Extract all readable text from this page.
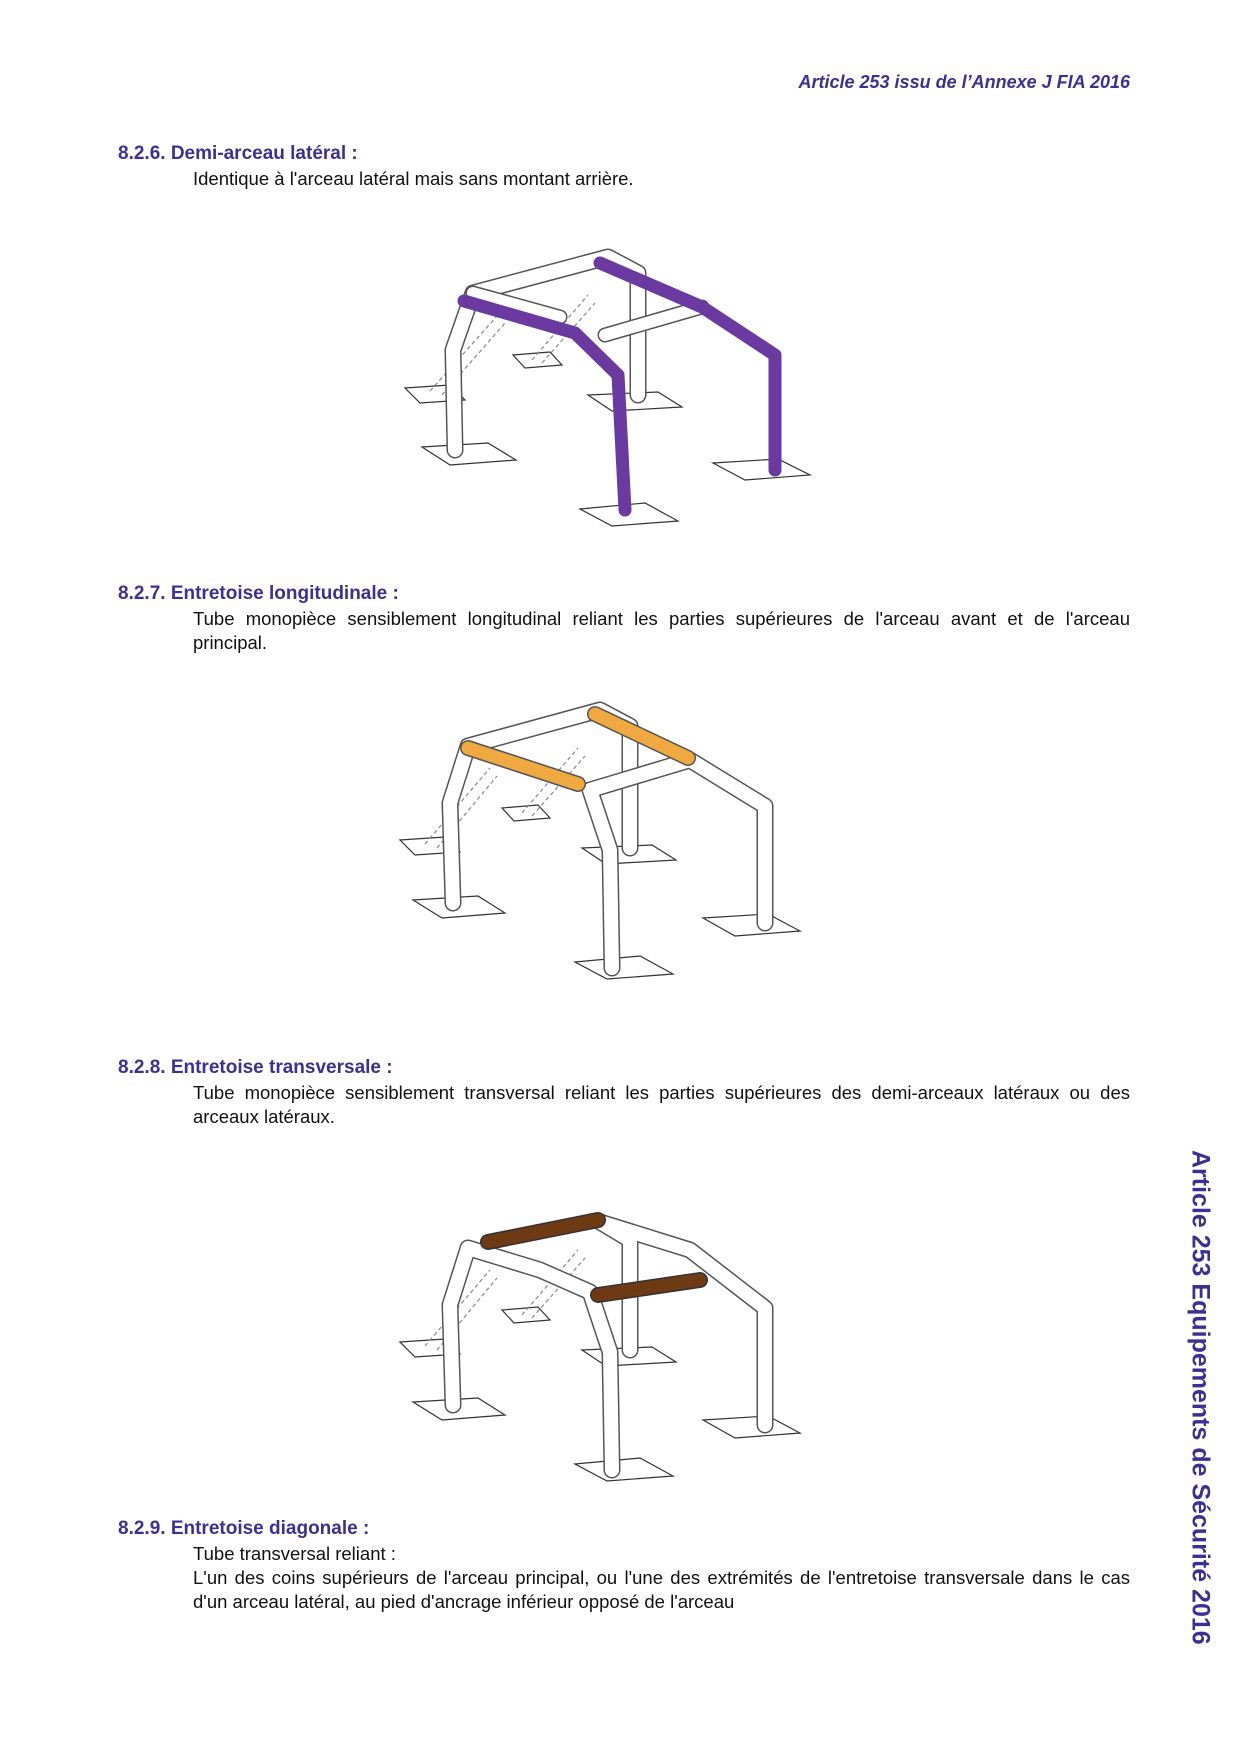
Article 253 issu de l’Annexe J FIA 2016
8.2.6. Demi-arceau latéral :

Identique à l'arceau latéral mais sans montant arrière.

8.2.7. Entretoise longitudinale :

Tube monopièce sensiblement longitudinal reliant les parties supérieures de l'arceau avant et de l'arceau principal.

8.2.8. Entretoise transversale :

Tube monopièce sensiblement transversal reliant les parties supérieures des demi-arceaux latéraux ou des arceaux latéraux.

8.2.9. Entretoise diagonale :

Tube transversal reliant :

L'un des coins supérieurs de l'arceau principal, ou l'une des extrémités de l'entretoise transversale dans le cas d'un arceau latéral, au pied d'ancrage inférieur opposé de l'arceau	Article 253 Equipements de Sécurité 2016
